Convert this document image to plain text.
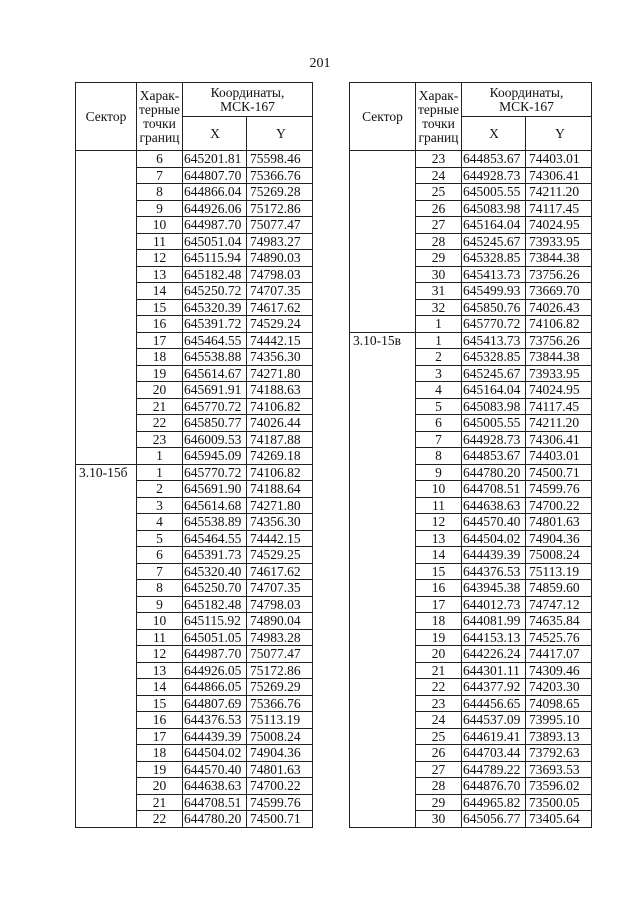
201
Сектор	Харак-
терные
точки
границ	Координаты,
МСК-167	
		X	Y
	6	645201.81	75598.46
	7	644807.70	75366.76
	8	644866.04	75269.28
	9	644926.06	75172.86
	10	644987.70	75077.47
	11	645051.04	74983.27
	12	645115.94	74890.03
	13	645182.48	74798.03
	14	645250.72	74707.35
	15	645320.39	74617.62
	16	645391.72	74529.24
	17	645464.55	74442.15
	18	645538.88	74356.30
	19	645614.67	74271.80
	20	645691.91	74188.63
	21	645770.72	74106.82
	22	645850.77	74026.44
	23	646009.53	74187.88
	1	645945.09	74269.18
3.10-15б	1	645770.72	74106.82
	2	645691.90	74188.64
	3	645614.68	74271.80
	4	645538.89	74356.30
	5	645464.55	74442.15
	6	645391.73	74529.25
	7	645320.40	74617.62
	8	645250.70	74707.35
	9	645182.48	74798.03
	10	645115.92	74890.04
	11	645051.05	74983.28
	12	644987.70	75077.47
	13	644926.05	75172.86
	14	644866.05	75269.29
	15	644807.69	75366.76
	16	644376.53	75113.19
	17	644439.39	75008.24
	18	644504.02	74904.36
	19	644570.40	74801.63
	20	644638.63	74700.22
	21	644708.51	74599.76
	22	644780.20	74500.71
Сектор	Харак-
терные
точки
границ	Координаты,
МСК-167	
		X	Y
	23	644853.67	74403.01
	24	644928.73	74306.41
	25	645005.55	74211.20
	26	645083.98	74117.45
	27	645164.04	74024.95
	28	645245.67	73933.95
	29	645328.85	73844.38
	30	645413.73	73756.26
	31	645499.93	73669.70
	32	645850.76	74026.43
	1	645770.72	74106.82
3.10-15в	1	645413.73	73756.26
	2	645328.85	73844.38
	3	645245.67	73933.95
	4	645164.04	74024.95
	5	645083.98	74117.45
	6	645005.55	74211.20
	7	644928.73	74306.41
	8	644853.67	74403.01
	9	644780.20	74500.71
	10	644708.51	74599.76
	11	644638.63	74700.22
	12	644570.40	74801.63
	13	644504.02	74904.36
	14	644439.39	75008.24
	15	644376.53	75113.19
	16	643945.38	74859.60
	17	644012.73	74747.12
	18	644081.99	74635.84
	19	644153.13	74525.76
	20	644226.24	74417.07
	21	644301.11	74309.46
	22	644377.92	74203.30
	23	644456.65	74098.65
	24	644537.09	73995.10
	25	644619.41	73893.13
	26	644703.44	73792.63
	27	644789.22	73693.53
	28	644876.70	73596.02
	29	644965.82	73500.05
	30	645056.77	73405.64
